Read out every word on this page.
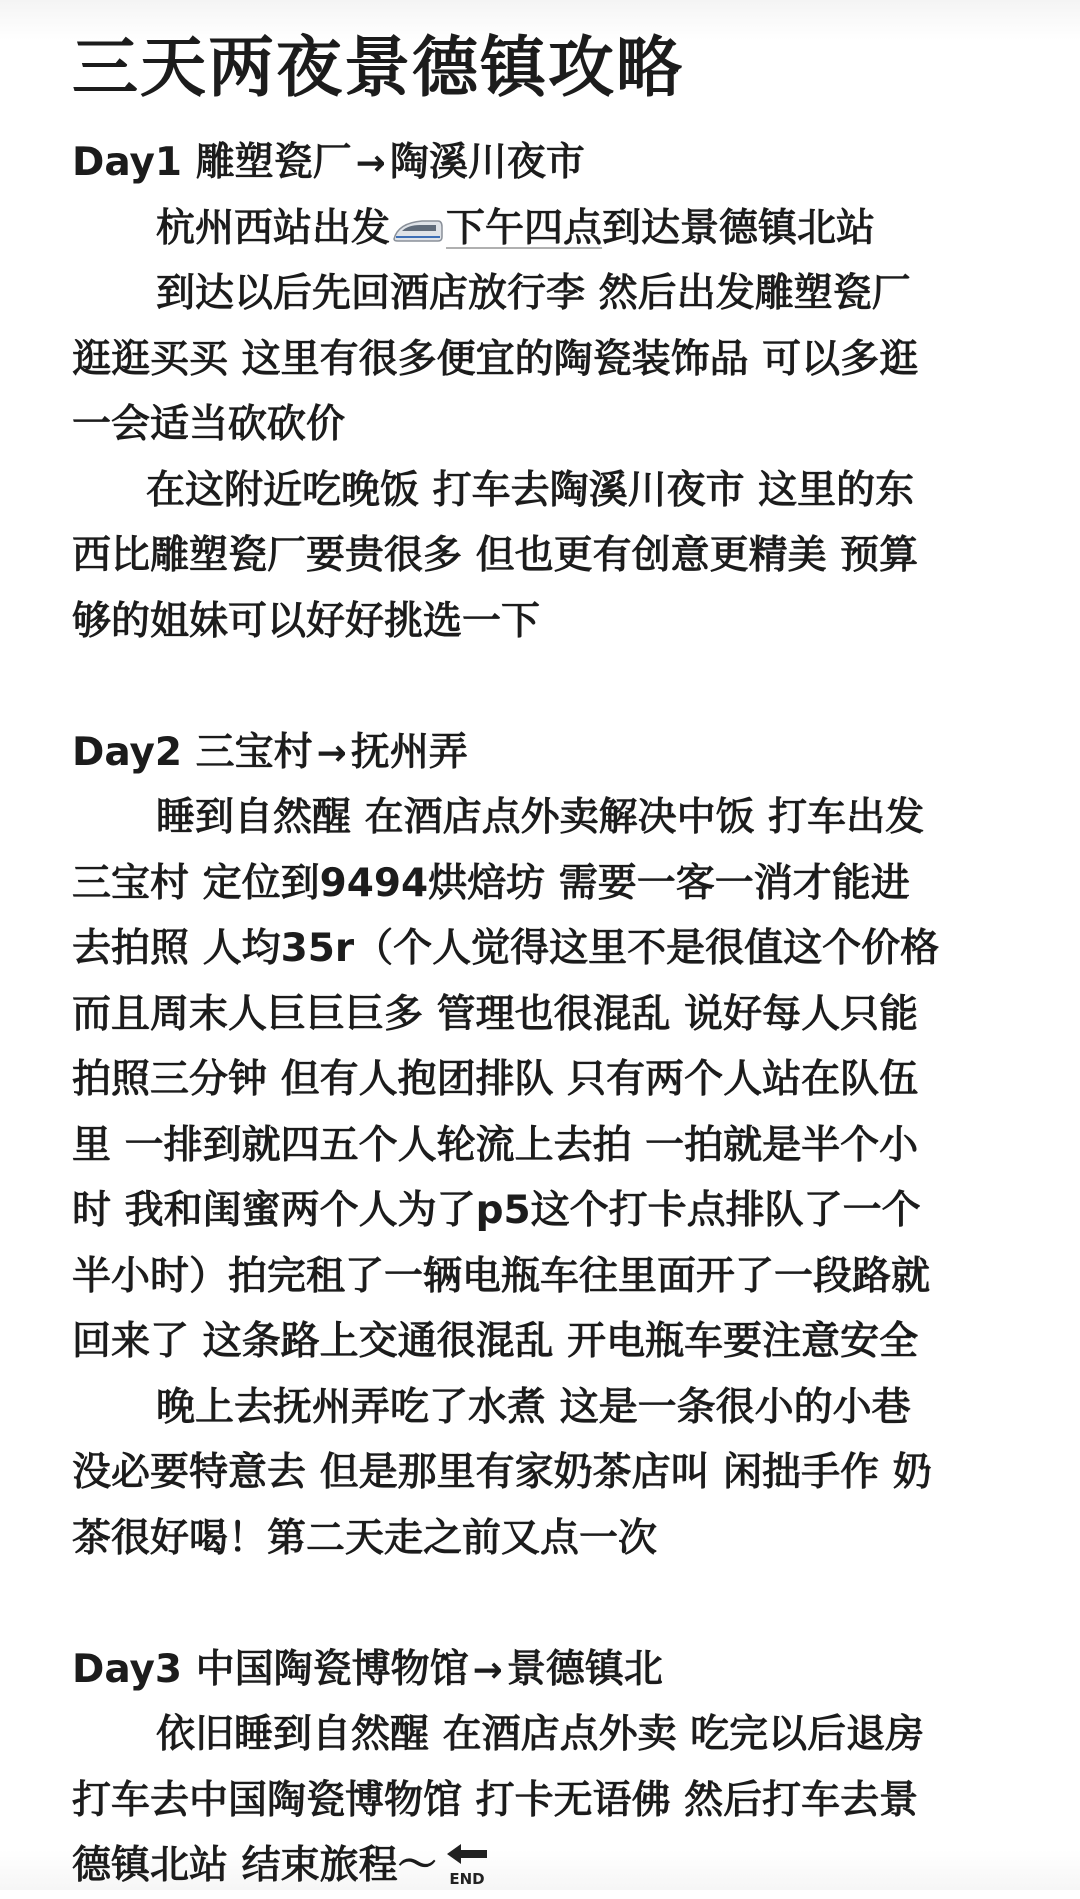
三天两夜景德镇攻略
Day1 雕塑瓷厂 → 陶溪川夜市
杭州西站出发 下午四点到达景德镇北站
到达以后先回酒店放行李 然后出发雕塑瓷厂
逛逛买买 这里有很多便宜的陶瓷装饰品 可以多逛
一会适当砍砍价
在这附近吃晚饭 打车去陶溪川夜市 这里的东
西比雕塑瓷厂要贵很多 但也更有创意更精美 预算
够的姐妹可以好好挑选一下
Day2 三宝村 → 抚州弄
睡到自然醒 在酒店点外卖解决中饭 打车出发
三宝村 定位到9494烘焙坊 需要一客一消才能进
去拍照 人均35r（个人觉得这里不是很值这个价格
而且周末人巨巨巨多 管理也很混乱 说好每人只能
拍照三分钟 但有人抱团排队 只有两个人站在队伍
里 一排到就四五个人轮流上去拍 一拍就是半个小
时 我和闺蜜两个人为了p5这个打卡点排队了一个
半小时）拍完租了一辆电瓶车往里面开了一段路就
回来了 这条路上交通很混乱 开电瓶车要注意安全
晚上去抚州弄吃了水煮 这是一条很小的小巷
没必要特意去 但是那里有家奶茶店叫 闲拙手作 奶
茶很好喝！第二天走之前又点一次
Day3 中国陶瓷博物馆 → 景德镇北
依旧睡到自然醒 在酒店点外卖 吃完以后退房
打车去中国陶瓷博物馆 打卡无语佛 然后打车去景
德镇北站 结束旅程～ END
